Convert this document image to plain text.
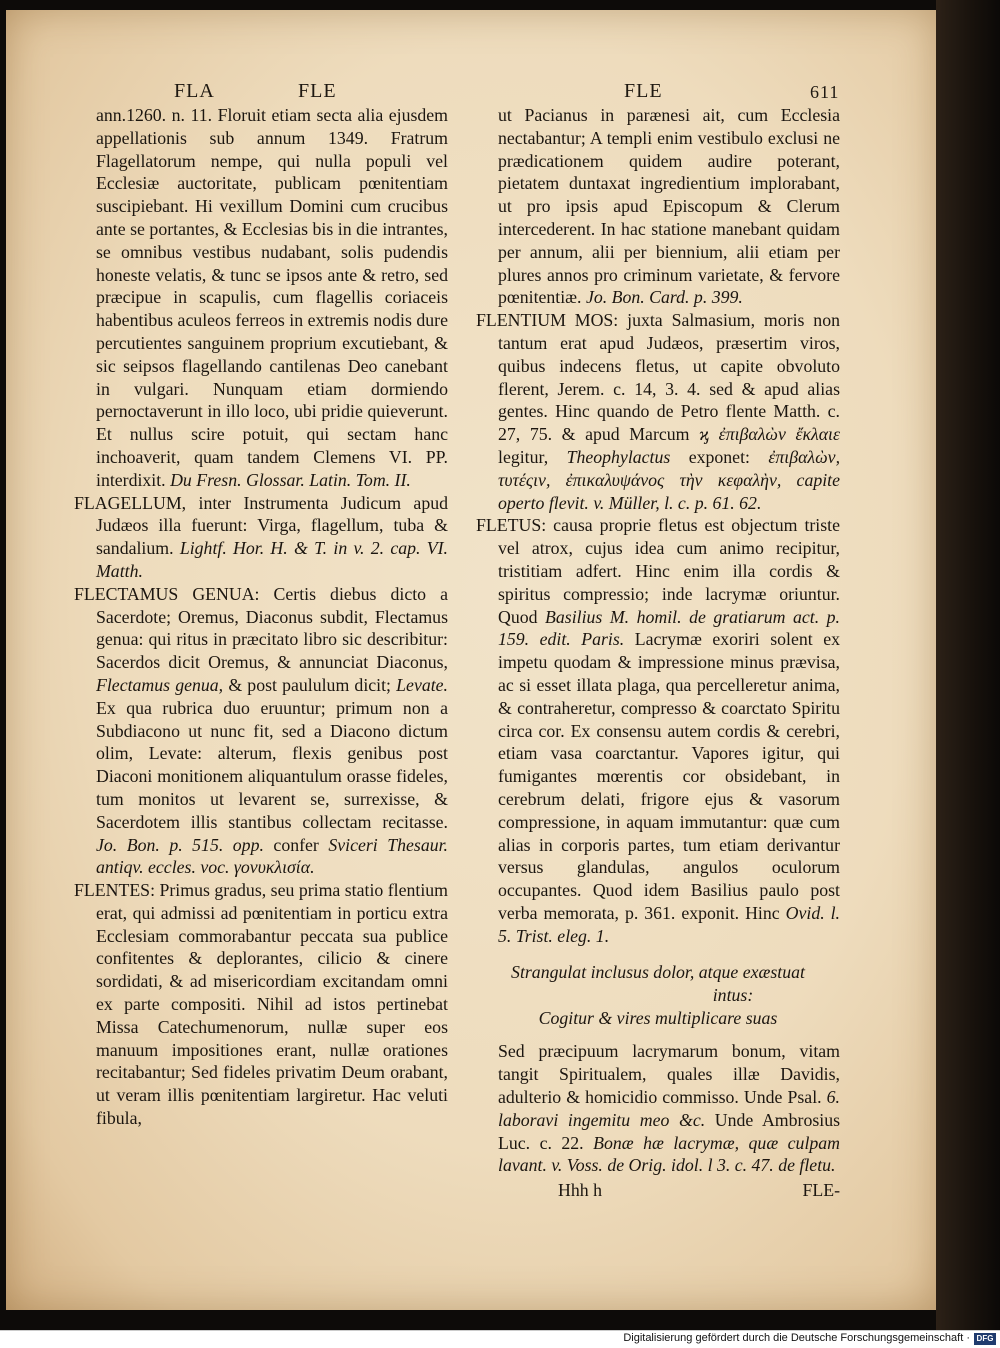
FLA	FLE	FLE	611

ann.1260. n. 11. Floruit etiam secta alia ejusdem appellationis sub annum 1349. Fratrum Flagellatorum nempe, qui nulla populi vel Ecclesiæ auctoritate, publicam pœnitentiam suscipiebant. Hi vexillum Domini cum crucibus ante se portantes, & Ecclesias bis in die intrantes, se omnibus vestibus nudabant, solis pudendis honeste velatis, & tunc se ipsos ante & retro, sed præcipue in scapulis, cum flagellis coriaceis habentibus aculeos ferreos in extremis nodis dure percutientes sanguinem proprium excutiebant, & sic seipsos flagellando cantilenas Deo canebant in vulgari. Nunquam etiam dormiendo pernoctaverunt in illo loco, ubi pridie quieverunt. Et nullus scire potuit, qui sectam hanc inchoaverit, quam tandem Clemens VI. PP. interdixit. Du Fresn. Glossar. Latin. Tom. II.

FLAGELLUM, inter Instrumenta Judicum apud Judæos illa fuerunt: Virga, flagellum, tuba & sandalium. Lightf. Hor. H. & T. in v. 2. cap. VI. Matth.

FLECTAMUS GENUA: Certis diebus dicto a Sacerdote; Oremus, Diaconus subdit, Flectamus genua: qui ritus in præcitato libro sic describitur: Sacerdos dicit Oremus, & annunciat Diaconus, Flectamus genua, & post paululum dicit; Levate. Ex qua rubrica duo eruuntur; primum non a Subdiacono ut nunc fit, sed a Diacono dictum olim, Levate: alterum, flexis genibus post Diaconi monitionem aliquantulum orasse fideles, tum monitos ut levarent se, surrexisse, & Sacerdotem illis stantibus collectam recitasse. Jo. Bon. p. 515. opp. confer Sviceri Thesaur. antiqv. eccles. voc. γονυκλισία.

FLENTES: Primus gradus, seu prima statio flentium erat, qui admissi ad pœnitentiam in porticu extra Ecclesiam commorabantur peccata sua publice confitentes & deplorantes, cilicio & cinere sordidati, & ad misericordiam excitandam omni ex parte compositi. Nihil ad istos pertinebat Missa Catechumenorum, nullæ super eos manuum impositiones erant, nullæ orationes recitabantur; Sed fideles privatim Deum orabant, ut veram illis pœnitentiam largiretur. Hac veluti fibula,

ut Pacianus in parænesi ait, cum Ecclesia nectabantur; A templi enim vestibulo exclusi ne prædicationem quidem audire poterant, pietatem duntaxat ingredientium implorabant, ut pro ipsis apud Episcopum & Clerum intercederent. In hac statione manebant quidam per annum, alii per biennium, alii etiam per plures annos pro criminum varietate, & fervore pœnitentiæ. Jo. Bon. Card. p. 399.

FLENTIUM MOS: juxta Salmasium, moris non tantum erat apud Judæos, præsertim viros, quibus indecens fletus, ut capite obvoluto flerent, Jerem. c. 14, 3. 4. sed & apud alias gentes. Hinc quando de Petro flente Matth. c. 27, 75. & apud Marcum ϗ ἐπιβαλὼν ἔκλαιε legitur, Theophylactus exponet: ἐπιβαλὼν, τυτέςιν, ἐπικαλυψάνος τὴν κεφαλὴν, capite operto flevit. v. Müller, l. c. p. 61. 62.

FLETUS: causa proprie fletus est objectum triste vel atrox, cujus idea cum animo recipitur, tristitiam adfert. Hinc enim illa cordis & spiritus compressio; inde lacrymæ oriuntur. Quod Basilius M. homil. de gratiarum act. p. 159. edit. Paris. Lacrymæ exoriri solent ex impetu quodam & impressione minus prævisa, ac si esset illata plaga, qua percelleretur anima, & contraheretur, compresso & coarctato Spiritu circa cor. Ex consensu autem cordis & cerebri, etiam vasa coarctantur. Vapores igitur, qui fumigantes mœrentis cor obsidebant, in cerebrum delati, frigore ejus & vasorum compressione, in aquam immutantur: quæ cum alias in corporis partes, tum etiam derivantur versus glandulas, angulos oculorum occupantes. Quod idem Basilius paulo post verba memorata, p. 361. exponit. Hinc Ovid. l. 5. Trist. eleg. 1.

Strangulat inclusus dolor, atque exæstuat
intus:
Cogitur & vires multiplicare suas

Sed præcipuum lacrymarum bonum, vitam tangit Spiritualem, quales illæ Davidis, adulterio & homicidio commisso. Unde Psal. 6. laboravi ingemitu meo &c. Unde Ambrosius Luc. c. 22. Bonæ hæ lacrymæ, quæ culpam lavant. v. Voss. de Orig. idol. l 3. c. 47. de fletu.

Hhh h	FLE-
Digitalisierung gefördert durch die Deutsche Forschungsgemeinschaft · DFG
